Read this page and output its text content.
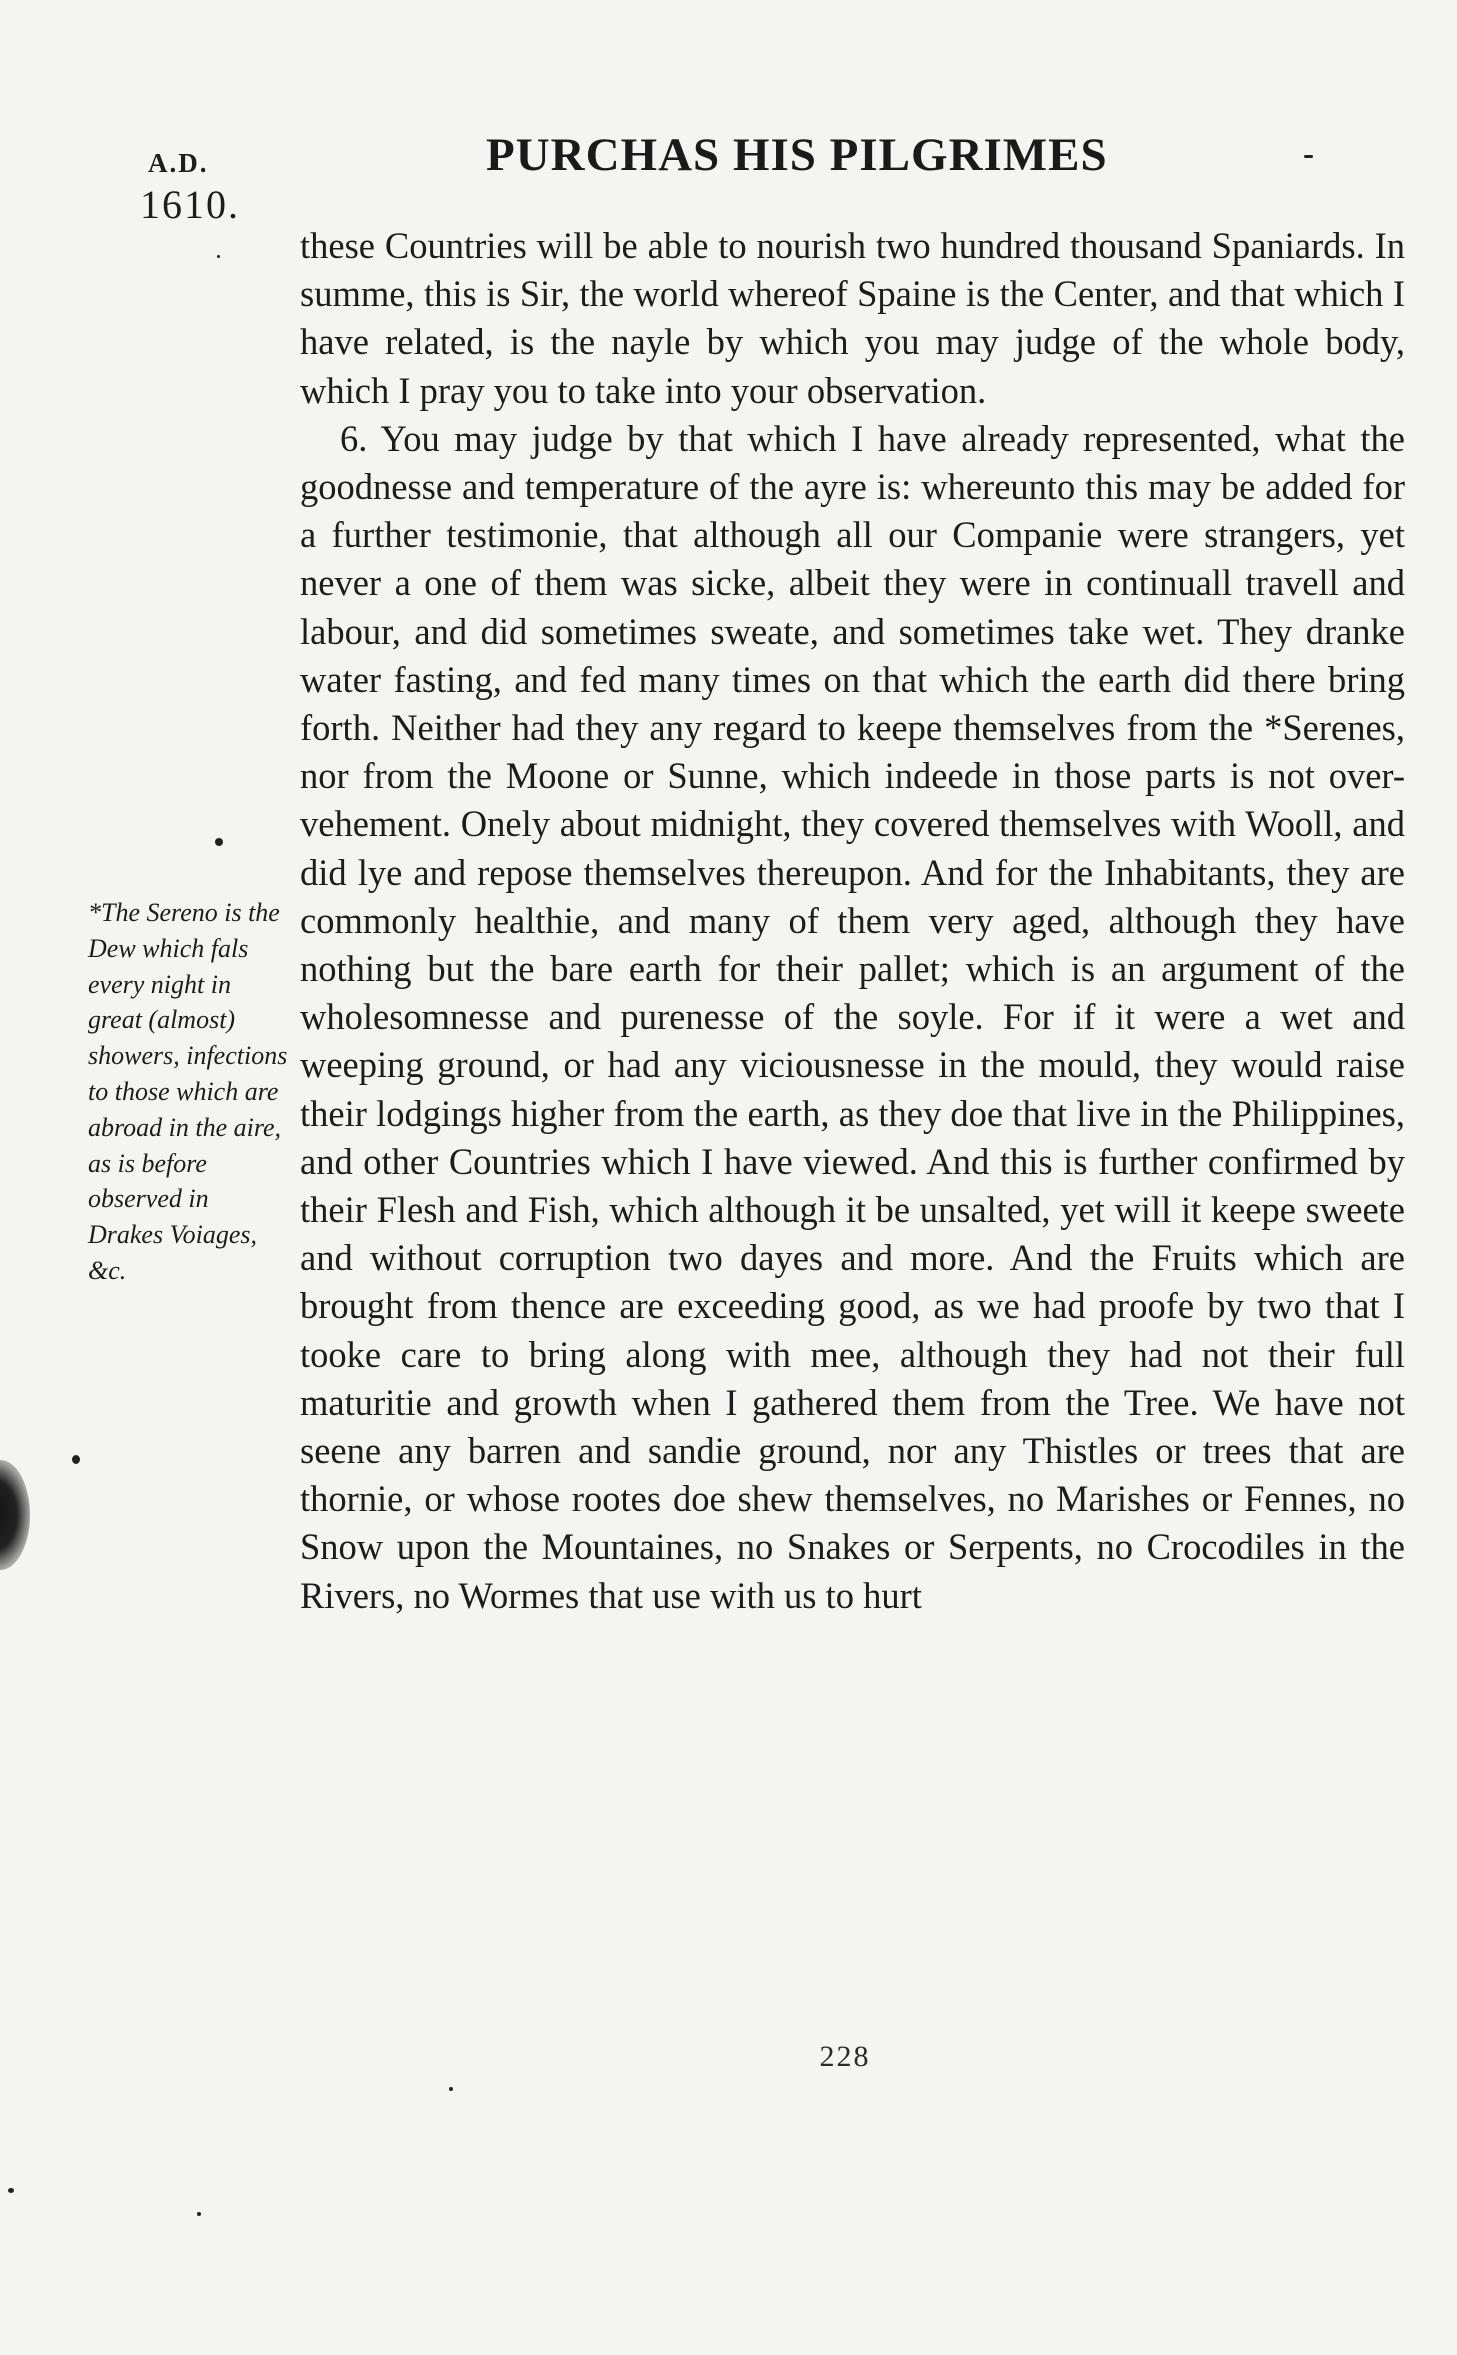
A.D.
1610.
PURCHAS HIS PILGRIMES

these Countries will be able to nourish two hundred thousand Spaniards. In summe, this is Sir, the world whereof Spaine is the Center, and that which I have related, is the nayle by which you may judge of the whole body, which I pray you to take into your observation.

6. You may judge by that which I have already represented, what the goodnesse and temperature of the ayre is: whereunto this may be added for a further testimonie, that although all our Companie were strangers, yet never a one of them was sicke, albeit they were in continuall travell and labour, and did sometimes sweate, and sometimes take wet. They dranke water fasting, and fed many times on that which the earth did there bring forth. Neither had they any regard to keepe themselves from the *Serenes, nor from the Moone or Sunne, which indeede in those parts is not over-vehement. Onely about midnight, they covered themselves with Wooll, and did lye and repose themselves thereupon. And for the Inhabitants, they are commonly healthie, and many of them very aged, although they have nothing but the bare earth for their pallet; which is an argument of the wholesomnesse and purenesse of the soyle. For if it were a wet and weeping ground, or had any viciousnesse in the mould, they would raise their lodgings higher from the earth, as they doe that live in the Philippines, and other Countries which I have viewed. And this is further confirmed by their Flesh and Fish, which although it be unsalted, yet will it keepe sweete and without corruption two dayes and more. And the Fruits which are brought from thence are exceeding good, as we had proofe by two that I tooke care to bring along with mee, although they had not their full maturitie and growth when I gathered them from the Tree. We have not seene any barren and sandie ground, nor any Thistles or trees that are thornie, or whose rootes doe shew themselves, no Marishes or Fennes, no Snow upon the Mountaines, no Snakes or Serpents, no Crocodiles in the Rivers, no Wormes that use with us to hurt

*The Sereno is the Dew which fals every night in great (almost) showers, infections to those which are abroad in the aire, as is before observed in Drakes Voiages, &c.
228
